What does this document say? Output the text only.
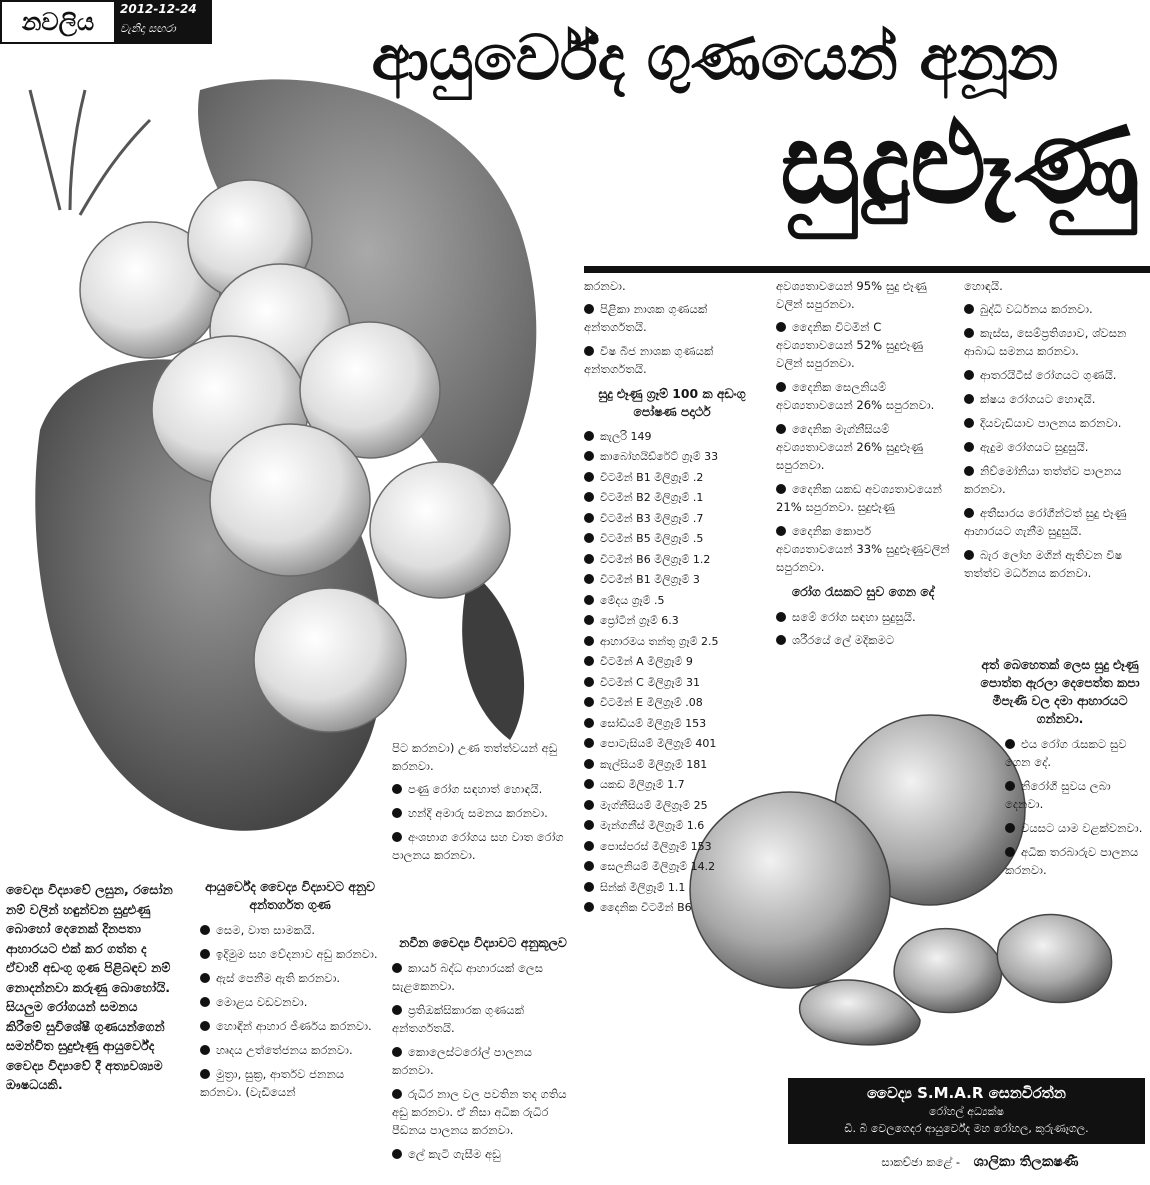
නවලිය	2012-12-24
වැනිදා සඟරා	ආයුර්වේද ගුණයෙන් අනූන
සුදුළූණු
වෛද්‍ය විද්‍යාවේ ලසුන, රසෝන නම් වලින් හඳුන්වන සුදුළුණු බොහෝ දෙනෙක් දිනපතා ආහාරයට එක් කර ගත්ත ද ඒවාහි අඩංගු ගුණ පිළිබඳව නම් නොදන්නවා කරුණු බොහෝයි. සියලුම රෝගයන් සමනය කිරීමේ සුවිශේෂී ගුණයන්ගෙන් සමන්විත සුදුළූණු ආයුර්වේද වෛද්‍ය විද්‍යාවේ දී අත්‍යවශ්‍යම ඖෂධයකි.
ආයුර්වේද වෛද්‍ය විද්‍යාවට අනුව අන්තර්ගත ගුණ
සෙම, වාත සාමකයි.
ඉදිමුම සහ වේදනාව අඩු කරනවා.
ඇස් පෙනීම ඇති කරනවා.
මොළය වඩවනවා.
හොඳින් ආහාර ජීර්ණය කරනවා.
හෘදය උත්තේජනය කරනවා.
මුත්‍රා, සුක්‍ර, ආර්තව ජනනය කරනවා. (වැඩියෙන්

පිට කරනවා) උණ තත්ත්වයන් අඩු කරනවා.

පණු රෝග සඳහාත් හොඳයි.
හන්දි අමාරු සමනය කරනවා.
අංශභාග රෝගය සහ වාත රෝග පාලනය කරනවා.
නවීන වෛද්‍ය විද්‍යාවට අනුකූලව
කාර්ය බද්ධ ආහාරයක් ලෙස සැළකෙනවා.
ප්‍රතිඔක්සිකාරක ගුණයක් අන්තර්ගතයි.
කොලෙස්ටරෝල් පාලනය කරනවා.
රුධිර නාල වල පවතින තද ගතිය අඩු කරනවා. ඒ නිසා අධික රුධිර පීඩනය පාලනය කරනවා.
ලේ කැටි ගැසීම අඩු

කරනවා.

පිළිකා නාශක ගුණයක් අන්තර්ගතයි.
විෂ බීජ නාශක ගුණයක් අන්තර්ගතයි.
සුදු ළූණු ග්‍රෑම් 100 ක අඩංගු පෝෂණ පදාර්ථ
කැලරි 149
කාබෝහයිඩ්රේට් ග්‍රෑම් 33
විටමින් B1 මිලිග්‍රෑම් .2
විටමින් B2 මිලිග්‍රෑම් .1
විටමින් B3 මිලිග්‍රෑම් .7
විටමින් B5 මිලිග්‍රෑම් .5
විටමින් B6 මිලිග්‍රෑම් 1.2
විටමින් B1 මිලිග්‍රෑම් 3
මේදය ග්‍රෑම් .5
ප්‍රෝටීන් ග්‍රෑම් 6.3
ආහාරමය තන්තු ග්‍රෑම් 2.5
විටමින් A මිලිග්‍රෑම් 9
විටමින් C මිලිග්‍රෑම් 31
විටමින් E මිලිග්‍රෑම් .08
සෝඩියම් මිලිග්‍රෑම් 153
පොටැසියම් මිලිග්‍රෑම් 401
කැල්සියම් මිලිග්‍රෑම් 181
යකඩ මිලිග්‍රෑම් 1.7
මැග්නීසියම් මිලිග්‍රෑම් 25
මැන්ගනීස් මිලිග්‍රෑම් 1.6
පොස්පරස් මිලිග්‍රෑම් 153
සෙලනියම් මිලිග්‍රෑම් 14.2
සින්ක් මිලිග්‍රෑම් 1.1
දෛනික විටමින් B6

අවශ්‍යතාවයෙන් 95% සුදු ළූණු වලින් සපුරනවා.

දෛනික විටමින් C අවශ්‍යතාවයෙන් 52% සුදුළූණු වලින් සපුරනවා.
දෛනික සෙලනියම් අවශ්‍යතාවයෙන් 26% සපුරනවා.
දෛනික මැග්නීසියම් අවශ්‍යතාවයෙන් 26% සුදුළූණු සපුරනවා.
දෛනික යකඩ අවශ්‍යතාවයෙන් 21% සපුරනවා. සුදුළූණු
දෛනික කොපර් අවශ්‍යතාවයෙන් 33% සුදුළූණුවලින් සපුරනවා.
රෝග රැසකට සුව ගෙන දේ
සමේ රෝග සඳහා සුදුසුයි.
ශරීරයේ ලේ මදිකමට

හොඳයි.

බුද්ධි වර්ධනය කරනවා.
කැස්ස, සෙම්ප්‍රතිශ්‍යාව, ශ්වසන ආබාධ සමනය කරනවා.
ආතරයිටීස් රෝගයට ගුණයි.
ක්ෂය රෝගයට හොඳයි.
දියවැඩියාව පාලනය කරනවා.
ඇදුම රෝගයට සුදුසුයි.
නිව්මෝනියා තත්ත්ව පාලනය කරනවා.
අතීසාරය රෝගීන්ටත් සුදු ළූණු ආහාරයට ගැනීම සුදුසුයි.
බැර ලෝහ මගින් ඇතිවන විෂ තත්ත්ව මර්ධනය කරනවා.
අත් බෙහෙතක් ලෙස සුදු ළූණු පොත්ත ඇරලා දෙපෙත්ත කපා මීපැණි වල දමා ආහාරයට ගන්නවා.
එය රෝග රැසකට සුව ගෙන දේ.
නිරෝගී සුවය ලබා දෙනවා.
වයසට යාම වළක්වනවා.
අධික තරබාරුව පාලනය කරනවා.
වෛද්‍ය S.M.A.R සෙනවිරත්න
රෝහල් අධ්‍යක්ෂ
ඩී. බී වෙලගෙදර ආයුර්වේද මහ රෝහල, කුරුණෑගල.
සාකච්ඡා කළේ - ශාලිකා තිලකෂණී
